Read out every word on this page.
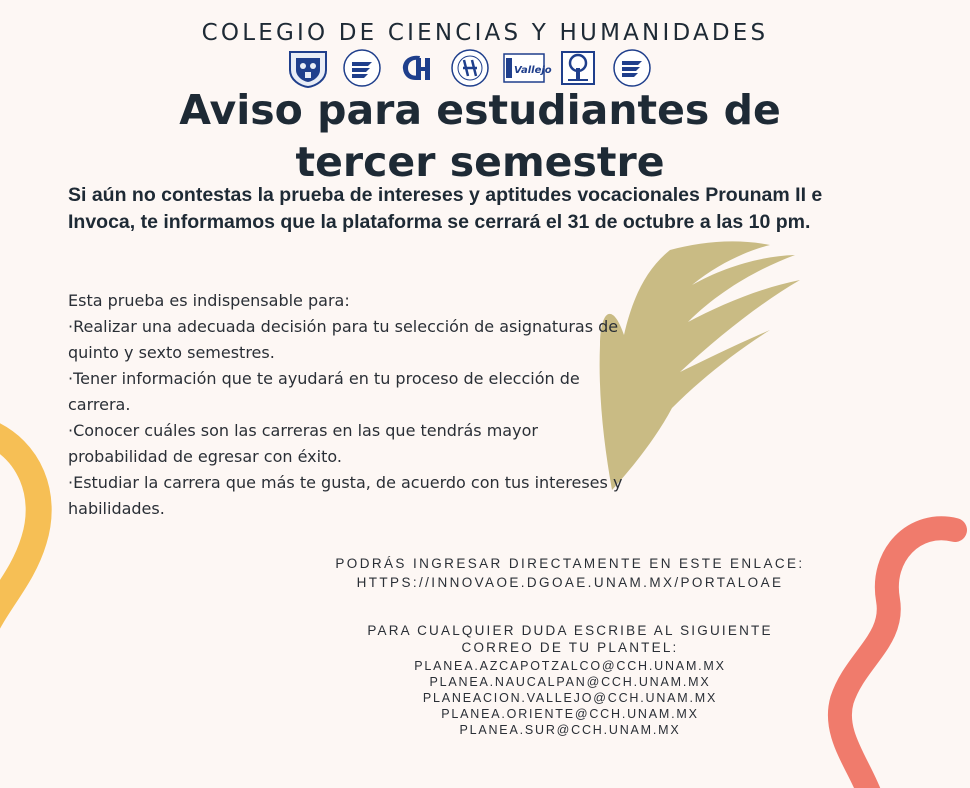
COLEGIO DE CIENCIAS Y HUMANIDADES
Vallejo
Aviso para estudiantes de
tercer semestre

Si aún no contestas la prueba de intereses y aptitudes vocacionales Prounam II e Invoca, te informamos que la plataforma se cerrará el 31 de octubre a las 10 pm.

Esta prueba es indispensable para:

·Realizar una adecuada decisión para tu selección de asignaturas de quinto y sexto semestres.

·Tener información que te ayudará en tu proceso de elección de carrera.

·Conocer cuáles son las carreras en las que tendrás mayor probabilidad de egresar con éxito.

·Estudiar la carrera que más te gusta, de acuerdo con tus intereses y habilidades.

PODRÁS INGRESAR DIRECTAMENTE EN ESTE ENLACE:

HTTPS://INNOVAOE.DGOAE.UNAM.MX/PORTALOAE

PARA CUALQUIER DUDA ESCRIBE AL SIGUIENTE

CORREO DE TU PLANTEL:

PLANEA.AZCAPOTZALCO@CCH.UNAM.MX

PLANEA.NAUCALPAN@CCH.UNAM.MX

PLANEACION.VALLEJO@CCH.UNAM.MX

PLANEA.ORIENTE@CCH.UNAM.MX

PLANEA.SUR@CCH.UNAM.MX
